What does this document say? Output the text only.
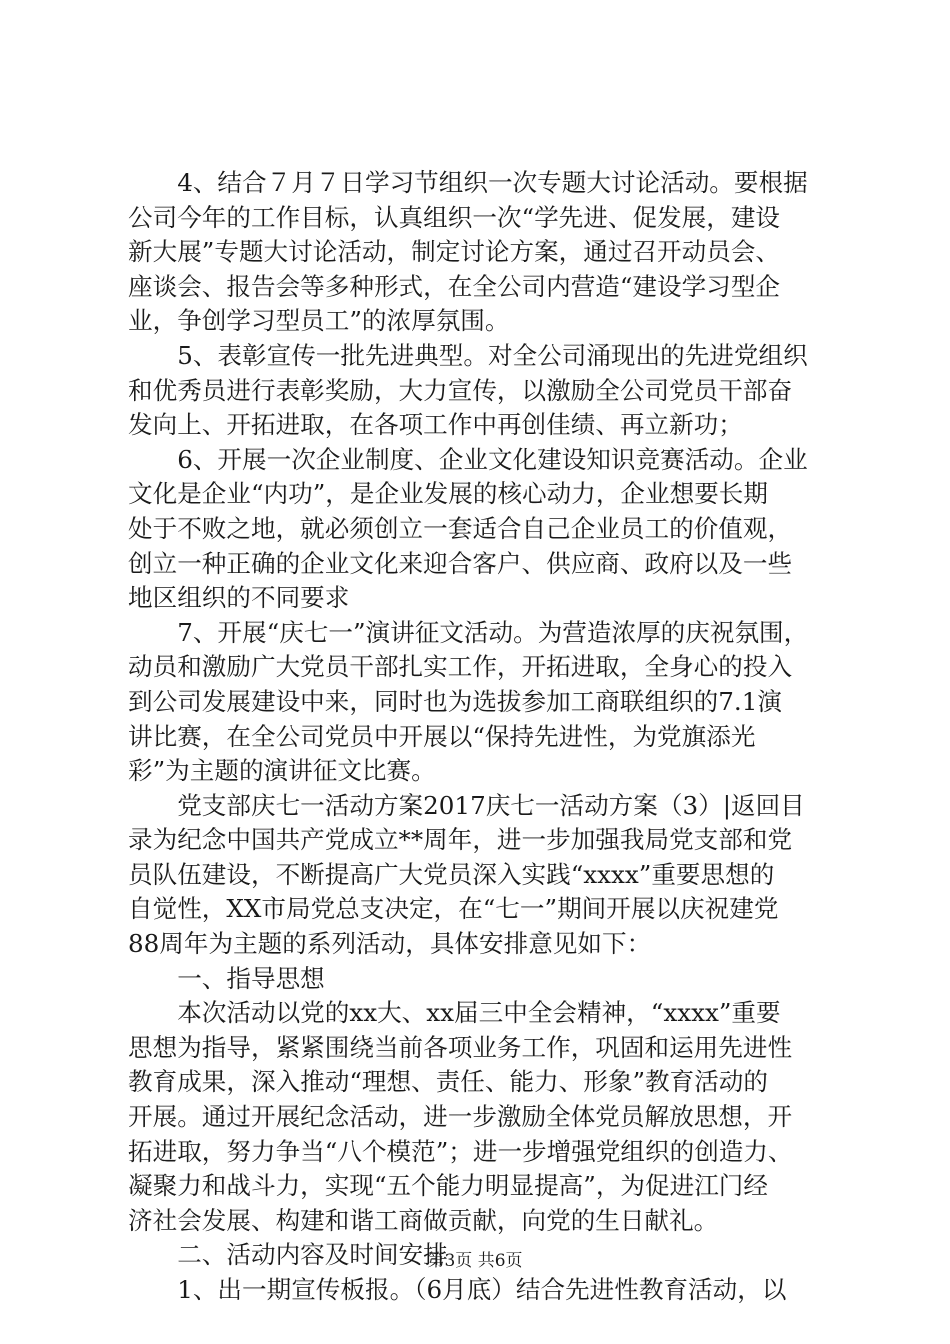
　　4、结合７月７日学习节组织一次专题大讨论活动。要根据
公司今年的工作目标，认真组织一次“学先进、促发展，建设
新大展”专题大讨论活动，制定讨论方案，通过召开动员会、
座谈会、报告会等多种形式，在全公司内营造“建设学习型企
业，争创学习型员工”的浓厚氛围。
　　5、表彰宣传一批先进典型。对全公司涌现出的先进党组织
和优秀员进行表彰奖励，大力宣传，以激励全公司党员干部奋
发向上、开拓进取，在各项工作中再创佳绩、再立新功；
　　6、开展一次企业制度、企业文化建设知识竞赛活动。企业
文化是企业“内功”，是企业发展的核心动力，企业想要长期
处于不败之地，就必须创立一套适合自己企业员工的价值观，
创立一种正确的企业文化来迎合客户、供应商、政府以及一些
地区组织的不同要求
　　7、开展“庆七一”演讲征文活动。为营造浓厚的庆祝氛围，
动员和激励广大党员干部扎实工作，开拓进取，全身心的投入
到公司发展建设中来，同时也为选拔参加工商联组织的7.1演
讲比赛，在全公司党员中开展以“保持先进性，为党旗添光
彩”为主题的演讲征文比赛。
　　党支部庆七一活动方案2017庆七一活动方案（3）|返回目
录为纪念中国共产党成立**周年，进一步加强我局党支部和党
员队伍建设，不断提高广大党员深入实践“xxxx”重要思想的
自觉性，XX市局党总支决定，在“七一”期间开展以庆祝建党
88周年为主题的系列活动，具体安排意见如下：
　　一、指导思想
　　本次活动以党的xx大、xx届三中全会精神，“xxxx”重要
思想为指导，紧紧围绕当前各项业务工作，巩固和运用先进性
教育成果，深入推动“理想、责任、能力、形象”教育活动的
开展。通过开展纪念活动，进一步激励全体党员解放思想，开
拓进取，努力争当“八个模范”；进一步增强党组织的创造力、
凝聚力和战斗力，实现“五个能力明显提高”，为促进江门经
济社会发展、构建和谐工商做贡献，向党的生日献礼。
　　二、活动内容及时间安排
　　1、出一期宣传板报。（6月底）结合先进性教育活动，以
第3页 共6页
